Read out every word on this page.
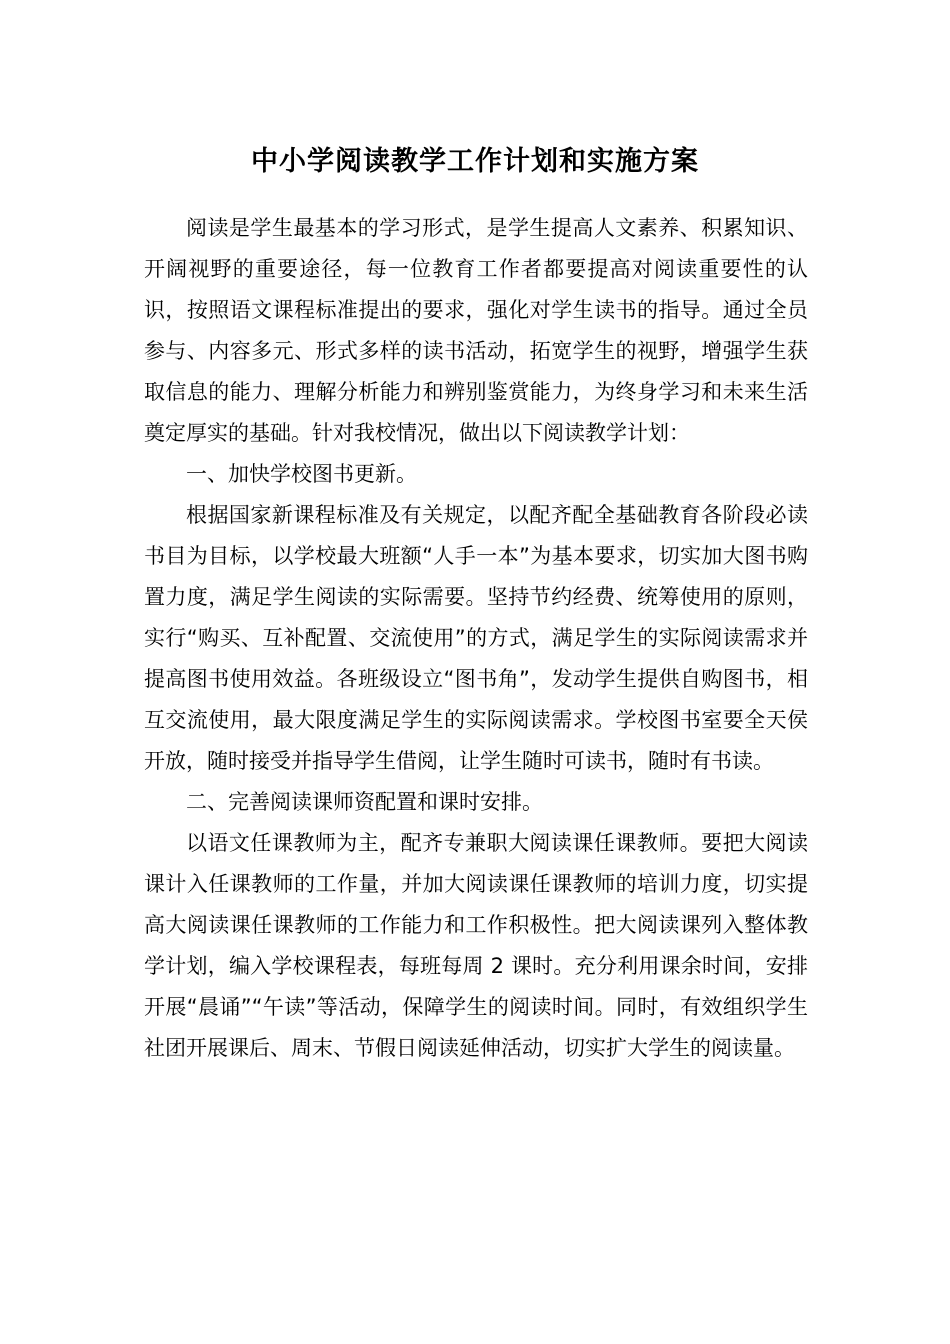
中小学阅读教学工作计划和实施方案

阅读是学生最基本的学习形式，是学生提高人文素养、积累知识、开阔视野的重要途径，每一位教育工作者都要提高对阅读重要性的认识，按照语文课程标准提出的要求，强化对学生读书的指导。通过全员参与、内容多元、形式多样的读书活动，拓宽学生的视野，增强学生获取信息的能力、理解分析能力和辨别鉴赏能力，为终身学习和未来生活奠定厚实的基础。针对我校情况，做出以下阅读教学计划：

一、加快学校图书更新。

根据国家新课程标准及有关规定，以配齐配全基础教育各阶段必读书目为目标，以学校最大班额“人手一本”为基本要求，切实加大图书购置力度，满足学生阅读的实际需要。坚持节约经费、统筹使用的原则，实行“购买、互补配置、交流使用”的方式，满足学生的实际阅读需求并提高图书使用效益。各班级设立“图书角”，发动学生提供自购图书，相互交流使用，最大限度满足学生的实际阅读需求。学校图书室要全天侯开放，随时接受并指导学生借阅，让学生随时可读书，随时有书读。

二、完善阅读课师资配置和课时安排。

以语文任课教师为主，配齐专兼职大阅读课任课教师。要把大阅读课计入任课教师的工作量，并加大阅读课任课教师的培训力度，切实提高大阅读课任课教师的工作能力和工作积极性。把大阅读课列入整体教学计划，编入学校课程表，每班每周 2 课时。充分利用课余时间，安排开展“晨诵”“午读”等活动，保障学生的阅读时间。同时，有效组织学生社团开展课后、周末、节假日阅读延伸活动，切实扩大学生的阅读量。
